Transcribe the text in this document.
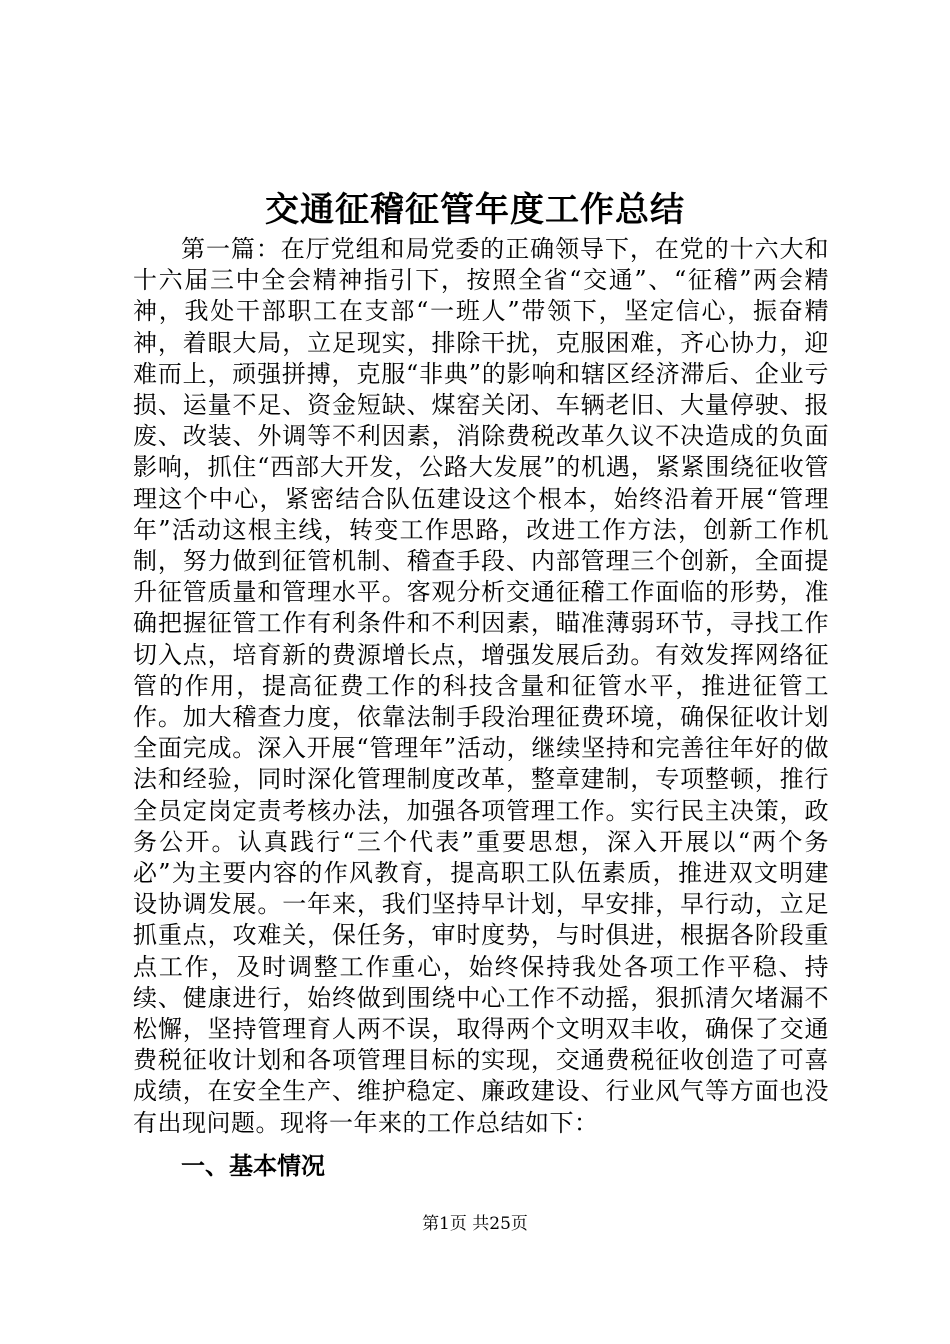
交通征稽征管年度工作总结

第一篇：在厅党组和局党委的正确领导下，在党的十六大和十六届三中全会精神指引下，按照全省“交通”、“征稽”两会精神，我处干部职工在支部“一班人”带领下，坚定信心，振奋精神，着眼大局，立足现实，排除干扰，克服困难，齐心协力，迎难而上，顽强拼搏，克服“非典”的影响和辖区经济滞后、企业亏损、运量不足、资金短缺、煤窑关闭、车辆老旧、大量停驶、报废、改装、外调等不利因素，消除费税改革久议不决造成的负面影响，抓住“西部大开发，公路大发展”的机遇，紧紧围绕征收管理这个中心，紧密结合队伍建设这个根本，始终沿着开展“管理年”活动这根主线，转变工作思路，改进工作方法，创新工作机制，努力做到征管机制、稽查手段、内部管理三个创新，全面提升征管质量和管理水平。客观分析交通征稽工作面临的形势，准确把握征管工作有利条件和不利因素，瞄准薄弱环节，寻找工作切入点，培育新的费源增长点，增强发展后劲。有效发挥网络征管的作用，提高征费工作的科技含量和征管水平，推进征管工作。加大稽查力度，依靠法制手段治理征费环境，确保征收计划全面完成。深入开展“管理年”活动，继续坚持和完善往年好的做法和经验，同时深化管理制度改革，整章建制，专项整顿，推行全员定岗定责考核办法，加强各项管理工作。实行民主决策，政务公开。认真践行“三个代表”重要思想，深入开展以“两个务必”为主要内容的作风教育，提高职工队伍素质，推进双文明建设协调发展。一年来，我们坚持早计划，早安排，早行动，立足抓重点，攻难关，保任务，审时度势，与时俱进，根据各阶段重点工作，及时调整工作重心，始终保持我处各项工作平稳、持续、健康进行，始终做到围绕中心工作不动摇，狠抓清欠堵漏不松懈，坚持管理育人两不误，取得两个文明双丰收，确保了交通费税征收计划和各项管理目标的实现，交通费税征收创造了可喜成绩，在安全生产、维护稳定、廉政建设、行业风气等方面也没有出现问题。现将一年来的工作总结如下：

一、基本情况
第1页 共25页
